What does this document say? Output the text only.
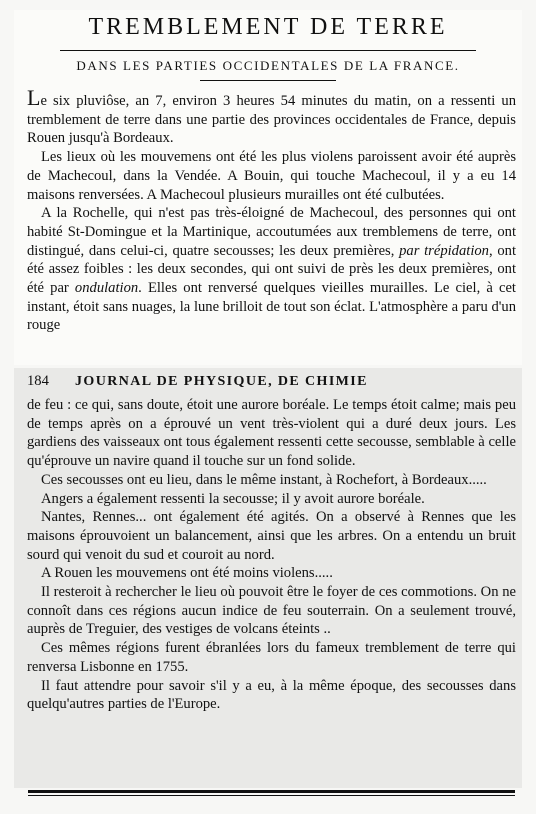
TREMBLEMENT DE TERRE
DANS LES PARTIES OCCIDENTALES DE LA FRANCE.

Le six pluviôse, an 7, environ 3 heures 54 minutes du matin, on a ressenti un tremblement de terre dans une partie des provinces occidentales de France, depuis Rouen jusqu'à Bordeaux.

Les lieux où les mouvemens ont été les plus violens paroissent avoir été auprès de Machecoul, dans la Vendée. A Bouin, qui touche Machecoul, il y a eu 14 maisons renversées. A Machecoul plusieurs murailles ont été culbutées.

A la Rochelle, qui n'est pas très-éloigné de Machecoul, des personnes qui ont habité St-Domingue et la Martinique, accoutumées aux tremblemens de terre, ont distingué, dans celui-ci, quatre secousses; les deux premières, par trépidation, ont été assez foibles : les deux secondes, qui ont suivi de près les deux premières, ont été par ondulation. Elles ont renversé quelques vieilles murailles. Le ciel, à cet instant, étoit sans nuages, la lune brilloit de tout son éclat. L'atmosphère a paru d'un rouge

184 JOURNAL DE PHYSIQUE, DE CHIMIE

de feu : ce qui, sans doute, étoit une aurore boréale. Le temps étoit calme; mais peu de temps après on a éprouvé un vent très-violent qui a duré deux jours. Les gardiens des vaisseaux ont tous également ressenti cette secousse, semblable à celle qu'éprouve un navire quand il touche sur un fond solide.

Ces secousses ont eu lieu, dans le même instant, à Rochefort, à Bordeaux.....

Angers a également ressenti la secousse; il y avoit aurore boréale.

Nantes, Rennes... ont également été agités. On a observé à Rennes que les maisons éprouvoient un balancement, ainsi que les arbres. On a entendu un bruit sourd qui venoit du sud et couroit au nord.

A Rouen les mouvemens ont été moins violens.....

Il resteroit à rechercher le lieu où pouvoit être le foyer de ces commotions. On ne connoît dans ces régions aucun indice de feu souterrain. On a seulement trouvé, auprès de Treguier, des vestiges de volcans éteints ..

Ces mêmes régions furent ébranlées lors du fameux tremblement de terre qui renversa Lisbonne en 1755.

Il faut attendre pour savoir s'il y a eu, à la même époque, des secousses dans quelqu'autres parties de l'Europe.
